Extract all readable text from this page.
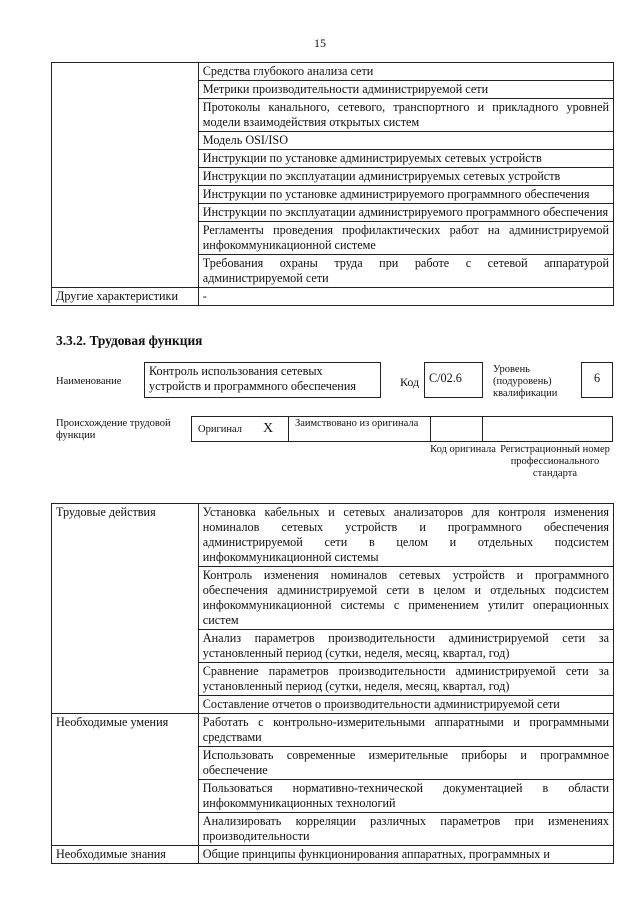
15
	Средства глубокого анализа сети
	Метрики производительности администрируемой сети
	Протоколы канального, сетевого, транспортного и прикладного уровней модели взаимодействия открытых систем
	Модель OSI/ISO
	Инструкции по установке администрируемых сетевых устройств
	Инструкции по эксплуатации администрируемых сетевых устройств
	Инструкции по установке администрируемого программного обеспечения
	Инструкции по эксплуатации администрируемого программного обеспечения
	Регламенты проведения профилактических работ на администрируемой инфокоммуникационной системе
	Требования охраны труда при работе с сетевой аппаратурой администрируемой сети
Другие характеристики	-
3.3.2. Трудовая функция
Наименование
Контроль использования сетевых устройств и программного обеспечения	Код C/02.6
Уровень (подуровень) квалификации
6
Происхождение трудовой функции
Оригинал X Заимствовано из оригинала
Код оригинала Регистрационный номер профессионального стандарта
Трудовые действия	Установка кабельных и сетевых анализаторов для контроля изменения номиналов сетевых устройств и программного обеспечения администрируемой сети в целом и отдельных подсистем инфокоммуникационной системы
	Контроль изменения номиналов сетевых устройств и программного обеспечения администрируемой сети в целом и отдельных подсистем инфокоммуникационной системы с применением утилит операционных систем
	Анализ параметров производительности администрируемой сети за установленный период (сутки, неделя, месяц, квартал, год)
	Сравнение параметров производительности администрируемой сети за установленный период (сутки, неделя, месяц, квартал, год)
	Составление отчетов о производительности администрируемой сети
Необходимые умения	Работать с контрольно-измерительными аппаратными и программными средствами
	Использовать современные измерительные приборы и программное обеспечение
	Пользоваться нормативно-технической документацией в области инфокоммуникационных технологий
	Анализировать корреляции различных параметров при изменениях производительности
Необходимые знания	Общие принципы функционирования аппаратных, программных и
